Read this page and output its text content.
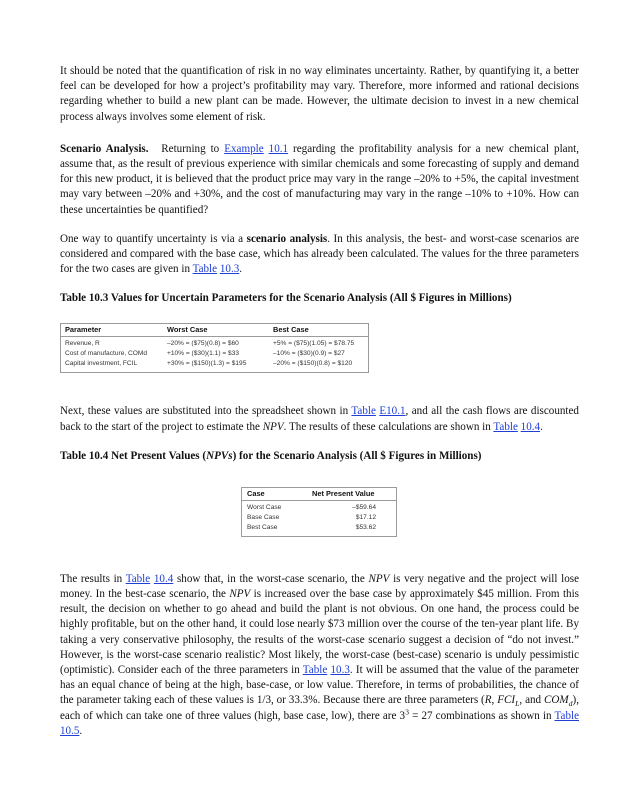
It should be noted that the quantification of risk in no way eliminates uncertainty. Rather, by quantifying it, a better feel can be developed for how a project’s profitability may vary. Therefore, more informed and rational decisions regarding whether to build a new plant can be made. However, the ultimate decision to invest in a new chemical process always involves some element of risk.

Scenario Analysis. Returning to Example 10.1 regarding the profitability analysis for a new chemical plant, assume that, as the result of previous experience with similar chemicals and some forecasting of supply and demand for this new product, it is believed that the product price may vary in the range –20% to +5%, the capital investment may vary between –20% and +30%, and the cost of manufacturing may vary in the range –10% to +10%. How can these uncertainties be quantified?

One way to quantify uncertainty is via a scenario analysis. In this analysis, the best- and worst-case scenarios are considered and compared with the base case, which has already been calculated. The values for the three parameters for the two cases are given in Table 10.3.

Table 10.3 Values for Uncertain Parameters for the Scenario Analysis (All $ Figures in Millions)

Parameter	Worst Case	Best Case
Revenue, R	–20% = ($75)(0.8) = $60	+5% = ($75)(1.05) = $78.75
Cost of manufacture, COMd	+10% = ($30)(1.1) = $33	–10% = ($30)(0.9) = $27
Capital investment, FCIL	+30% = ($150)(1.3) = $195	–20% = ($150)(0.8) = $120

Next, these values are substituted into the spreadsheet shown in Table E10.1, and all the cash flows are discounted back to the start of the project to estimate the NPV. The results of these calculations are shown in Table 10.4.

Table 10.4 Net Present Values (NPVs) for the Scenario Analysis (All $ Figures in Millions)

Case	Net Present Value
Worst Case	–$59.64
Base Case	$17.12
Best Case	$53.62

The results in Table 10.4 show that, in the worst-case scenario, the NPV is very negative and the project will lose money. In the best-case scenario, the NPV is increased over the base case by approximately $45 million. From this result, the decision on whether to go ahead and build the plant is not obvious. On one hand, the process could be highly profitable, but on the other hand, it could lose nearly $73 million over the course of the ten-year plant life. By taking a very conservative philosophy, the results of the worst-case scenario suggest a decision of “do not invest.” However, is the worst-case scenario realistic? Most likely, the worst-case (best-case) scenario is unduly pessimistic (optimistic). Consider each of the three parameters in Table 10.3. It will be assumed that the value of the parameter has an equal chance of being at the high, base-case, or low value. Therefore, in terms of probabilities, the chance of the parameter taking each of these values is 1/3, or 33.3%. Because there are three parameters (R, $FCI_L$, and $COM_d$), each of which can take one of three values (high, base case, low), there are $3^3 = 27$ combinations as shown in Table 10.5.
